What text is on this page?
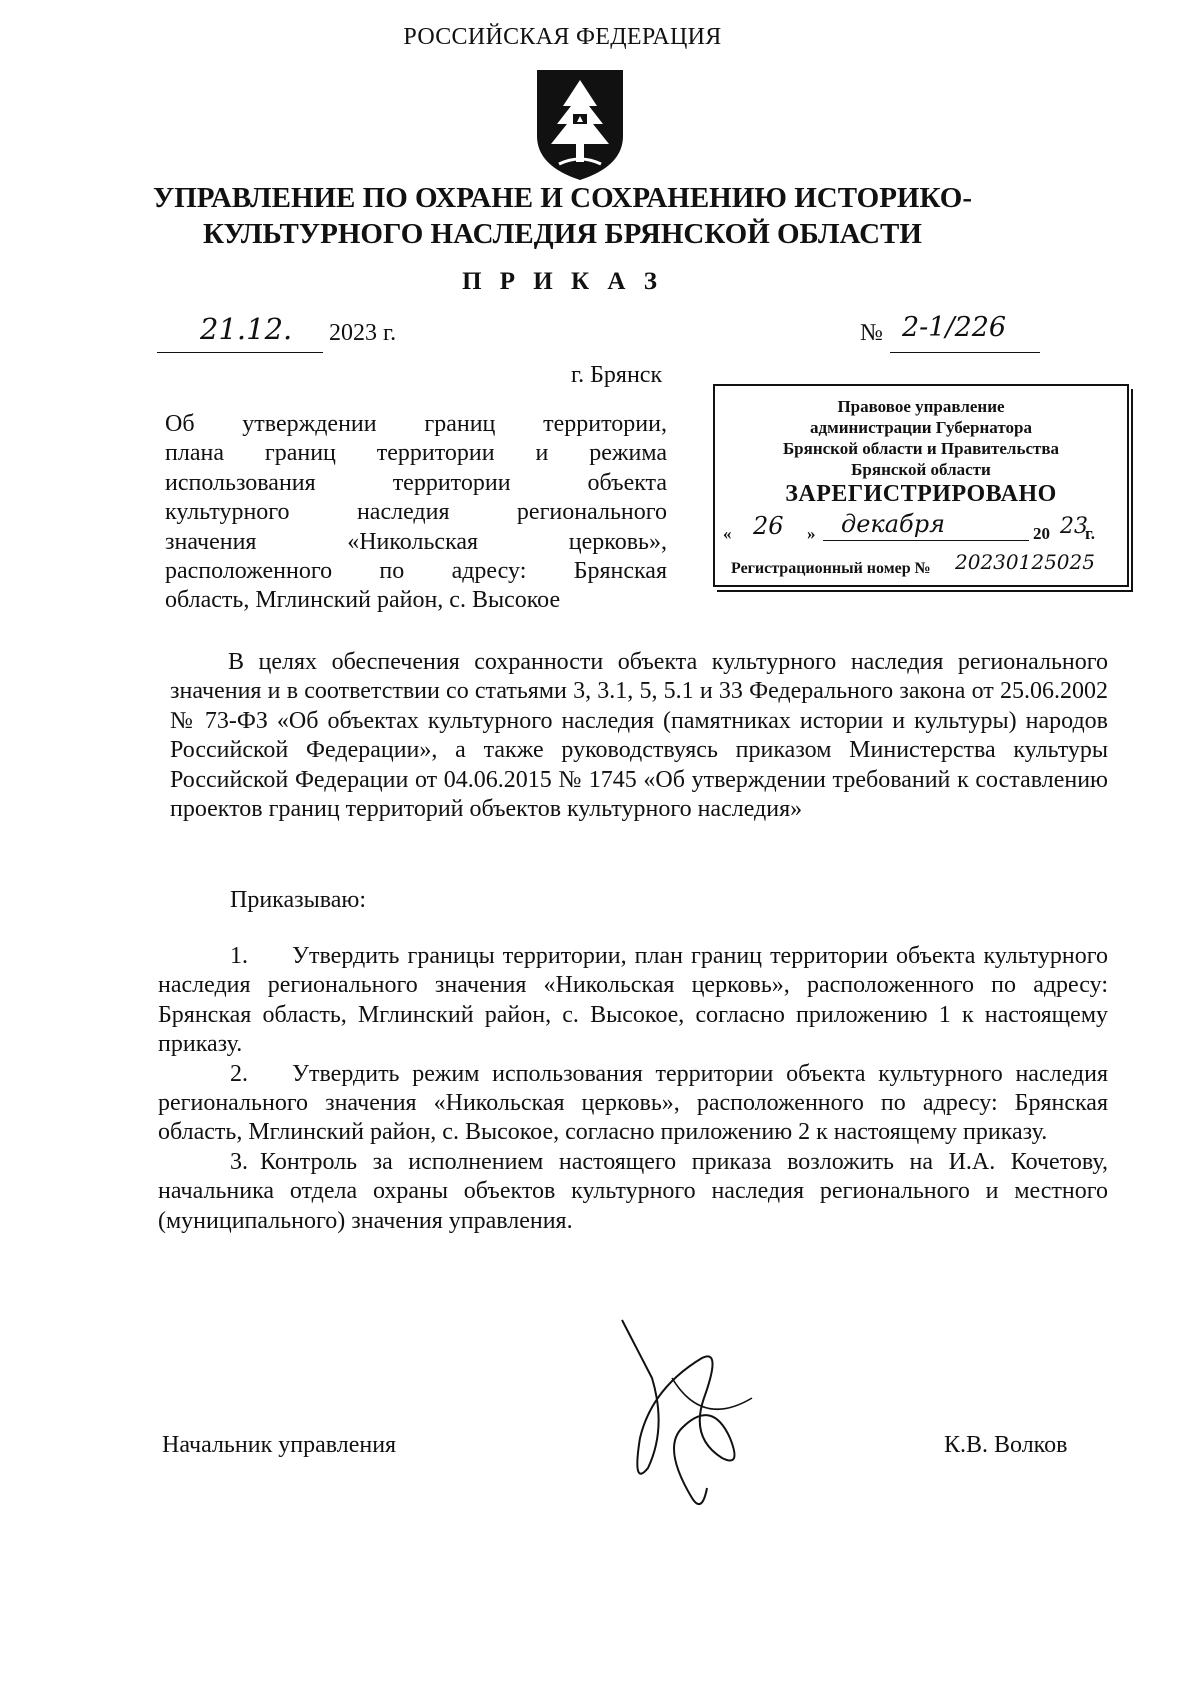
РОССИЙСКАЯ ФЕДЕРАЦИЯ
УПРАВЛЕНИЕ ПО ОХРАНЕ И СОХРАНЕНИЮ ИСТОРИКО-
КУЛЬТУРНОГО НАСЛЕДИЯ БРЯНСКОЙ ОБЛАСТИ
П Р И К А З
21.12. 2023 г.	№ 2-1/226
г. Брянск
Об утверждении границ территории,
плана границ территории и режима
использования территории объекта
культурного наследия регионального
значения «Никольская церковь»,
расположенного по адресу: Брянская
область, Мглинский район, с. Высокое
Правовое управление
администрации Губернатора
Брянской области и Правительства
Брянской области
ЗАРЕГИСТРИРОВАНО
« 26 » декабря	20 23
г.
Регистрационный номер № 20230125025
В целях обеспечения сохранности объекта культурного наследия регионального значения и в соответствии со статьями 3, 3.1, 5, 5.1 и 33 Федерального закона от 25.06.2002 № 73-ФЗ «Об объектах культурного наследия (памятниках истории и культуры) народов Российской Федерации», а также руководствуясь приказом Министерства культуры Российской Федерации от 04.06.2015 № 1745 «Об утверждении требований к составлению проектов границ территорий объектов культурного наследия»
Приказываю:

1. Утвердить границы территории, план границ территории объекта культурного наследия регионального значения «Никольская церковь», расположенного по адресу: Брянская область, Мглинский район, с. Высокое, согласно приложению 1 к настоящему приказу.

2. Утвердить режим использования территории объекта культурного наследия регионального значения «Никольская церковь», расположенного по адресу: Брянская область, Мглинский район, с. Высокое, согласно приложению 2 к настоящему приказу.

3. Контроль за исполнением настоящего приказа возложить на И.А. Кочетову, начальника отдела охраны объектов культурного наследия регионального и местного (муниципального) значения управления.

Начальник управления	К.В. Волков
